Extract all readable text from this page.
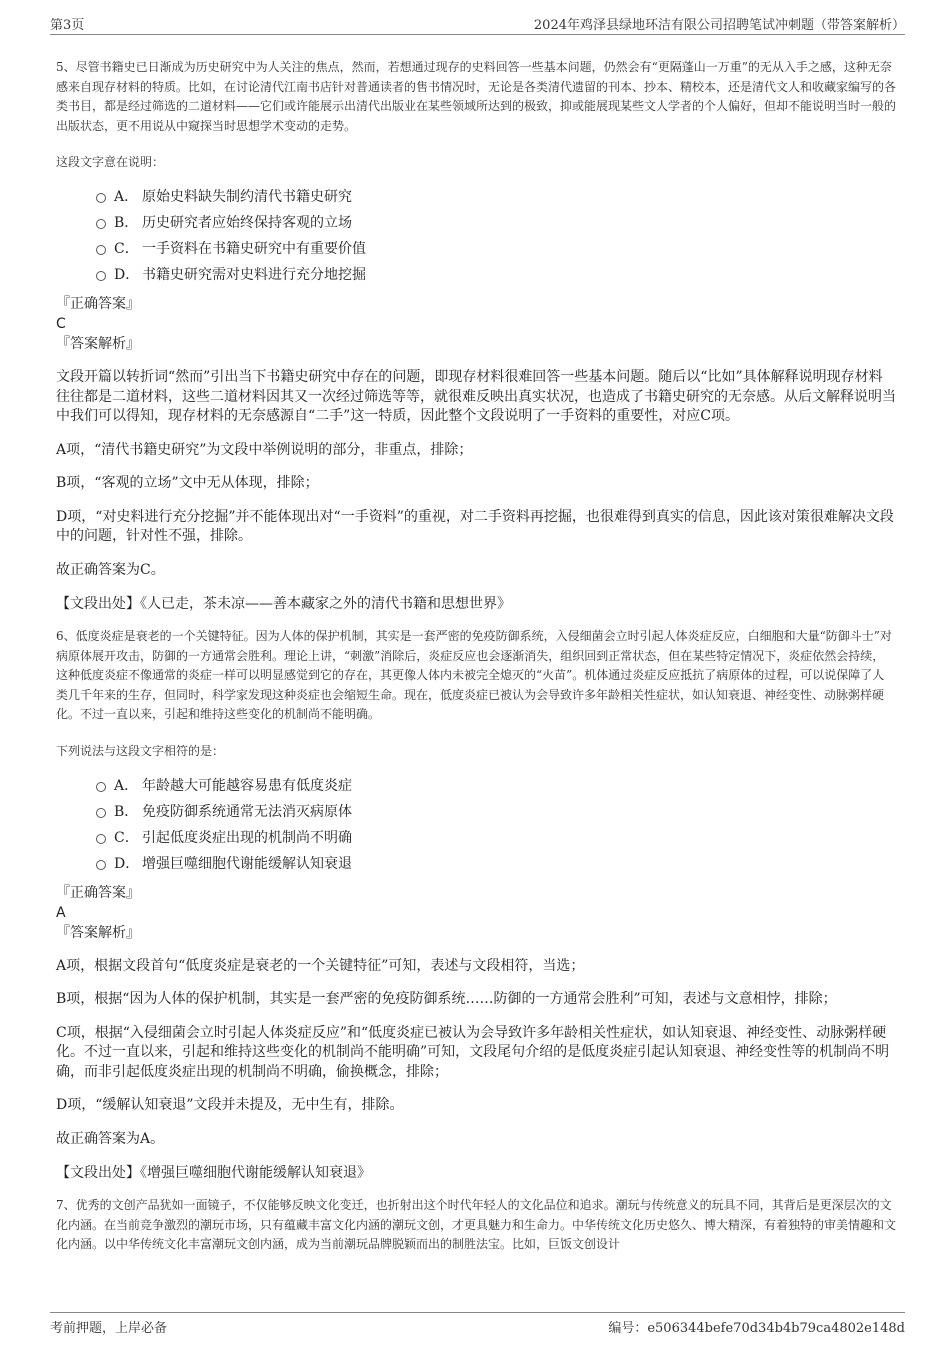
第3页	2024年鸡泽县绿地环洁有限公司招聘笔试冲刺题（带答案解析）

5、尽管书籍史已日渐成为历史研究中为人关注的焦点，然而，若想通过现存的史料回答一些基本问题，仍然会有“更隔蓬山一万重”的无从入手之感，这种无奈感来自现存材料的特质。比如，在讨论清代江南书店针对普通读者的售书情况时，无论是各类清代遗留的刊本、抄本、精校本，还是清代文人和收藏家编写的各类书目，都是经过筛选的二道材料——它们或许能展示出清代出版业在某些领域所达到的极致，抑或能展现某些文人学者的个人偏好，但却不能说明当时一般的出版状态，更不用说从中窥探当时思想学术变动的走势。

这段文字意在说明：

A． 原始史料缺失制约清代书籍史研究
B． 历史研究者应始终保持客观的立场
C． 一手资料在书籍史研究中有重要价值
D． 书籍史研究需对史料进行充分地挖掘

『正确答案』

C

『答案解析』

文段开篇以转折词“然而”引出当下书籍史研究中存在的问题，即现存材料很难回答一些基本问题。随后以“比如”具体解释说明现存材料往往都是二道材料，这些二道材料因其又一次经过筛选等等，就很难反映出真实状况，也造成了书籍史研究的无奈感。从后文解释说明当中我们可以得知，现存材料的无奈感源自“二手”这一特质，因此整个文段说明了一手资料的重要性，对应C项。

A项，“清代书籍史研究”为文段中举例说明的部分，非重点，排除；

B项，“客观的立场”文中无从体现，排除；

D项，“对史料进行充分挖掘”并不能体现出对“一手资料”的重视，对二手资料再挖掘，也很难得到真实的信息，因此该对策很难解决文段中的问题，针对性不强，排除。

故正确答案为C。

【文段出处】《人已走，茶未凉——善本藏家之外的清代书籍和思想世界》

6、低度炎症是衰老的一个关键特征。因为人体的保护机制，其实是一套严密的免疫防御系统，入侵细菌会立时引起人体炎症反应，白细胞和大量“防御斗士”对病原体展开攻击，防御的一方通常会胜利。理论上讲，“刺激”消除后，炎症反应也会逐渐消失，组织回到正常状态，但在某些特定情况下，炎症依然会持续，这种低度炎症不像通常的炎症一样可以明显感觉到它的存在，其更像人体内未被完全熄灭的“火苗”。机体通过炎症反应抵抗了病原体的过程，可以说保障了人类几千年来的生存，但同时，科学家发现这种炎症也会缩短生命。现在，低度炎症已被认为会导致许多年龄相关性症状，如认知衰退、神经变性、动脉粥样硬化。不过一直以来，引起和维持这些变化的机制尚不能明确。

下列说法与这段文字相符的是：

A． 年龄越大可能越容易患有低度炎症
B． 免疫防御系统通常无法消灭病原体
C． 引起低度炎症出现的机制尚不明确
D． 增强巨噬细胞代谢能缓解认知衰退

『正确答案』

A

『答案解析』

A项，根据文段首句“低度炎症是衰老的一个关键特征”可知，表述与文段相符，当选；

B项，根据“因为人体的保护机制，其实是一套严密的免疫防御系统……防御的一方通常会胜利”可知，表述与文意相悖，排除；

C项，根据“入侵细菌会立时引起人体炎症反应”和“低度炎症已被认为会导致许多年龄相关性症状，如认知衰退、神经变性、动脉粥样硬化。不过一直以来，引起和维持这些变化的机制尚不能明确”可知，文段尾句介绍的是低度炎症引起认知衰退、神经变性等的机制尚不明确，而非引起低度炎症出现的机制尚不明确，偷换概念，排除；

D项，“缓解认知衰退”文段并未提及，无中生有，排除。

故正确答案为A。

【文段出处】《增强巨噬细胞代谢能缓解认知衰退》

7、优秀的文创产品犹如一面镜子，不仅能够反映文化变迁，也折射出这个时代年轻人的文化品位和追求。潮玩与传统意义的玩具不同，其背后是更深层次的文化内涵。在当前竞争激烈的潮玩市场，只有蕴藏丰富文化内涵的潮玩文创，才更具魅力和生命力。中华传统文化历史悠久、博大精深，有着独特的审美情趣和文化内涵。以中华传统文化丰富潮玩文创内涵，成为当前潮玩品牌脱颖而出的制胜法宝。比如，巨饭文创设计

考前押题，上岸必备	编号：e506344befe70d34b4b79ca4802e148d
